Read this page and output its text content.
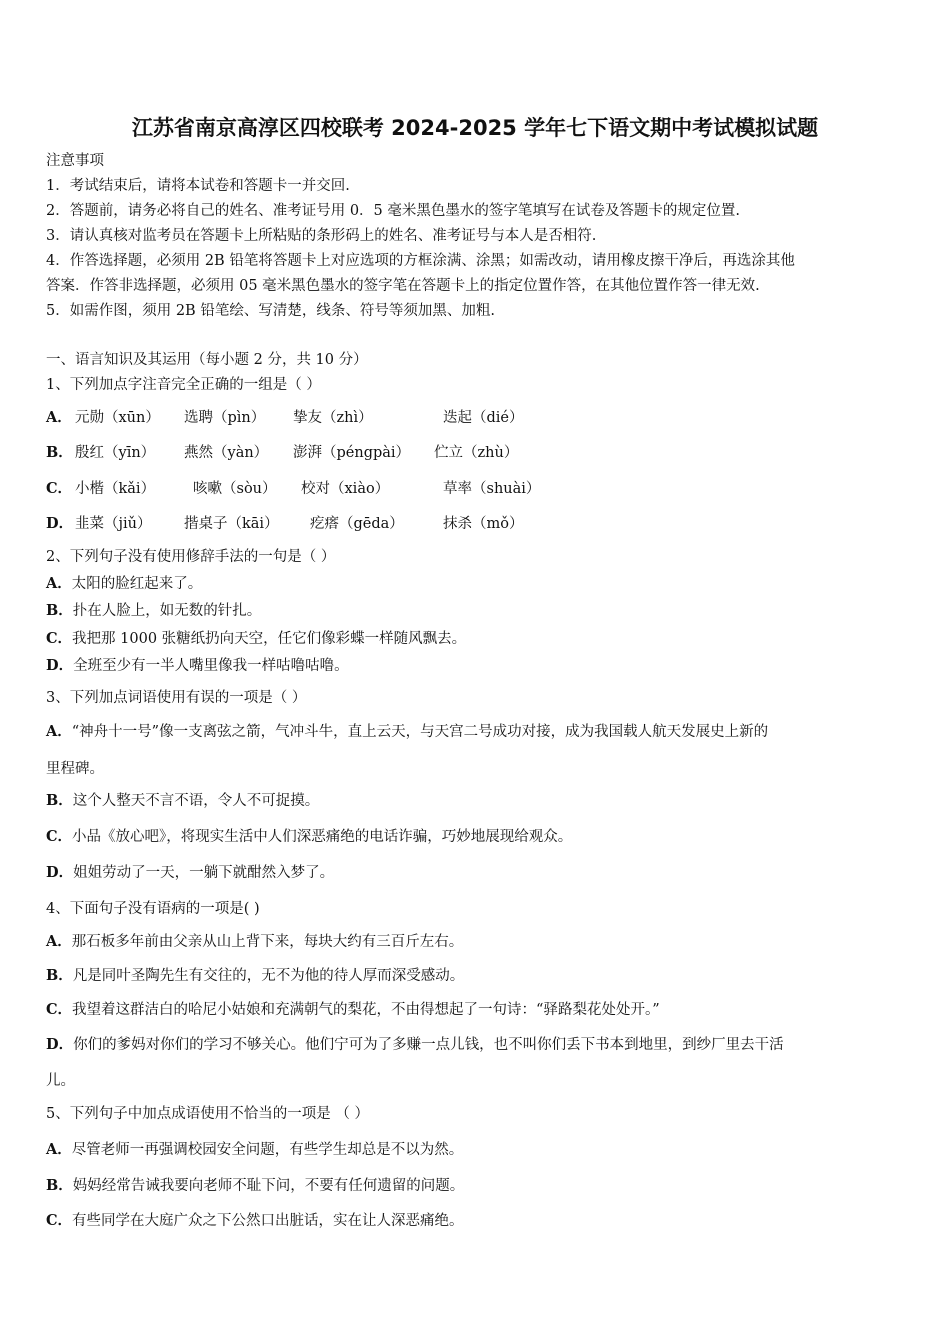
江苏省南京高淳区四校联考 2024-2025 学年七下语文期中考试模拟试题
注意事项
1．考试结束后，请将本试卷和答题卡一并交回.
2．答题前，请务必将自己的姓名、准考证号用 0．5 毫米黑色墨水的签字笔填写在试卷及答题卡的规定位置.
3．请认真核对监考员在答题卡上所粘贴的条形码上的姓名、准考证号与本人是否相符.
4．作答选择题，必须用 2B 铅笔将答题卡上对应选项的方框涂满、涂黑；如需改动，请用橡皮擦干净后，再选涂其他
答案．作答非选择题，必须用 05 毫米黑色墨水的签字笔在答题卡上的指定位置作答，在其他位置作答一律无效.
5．如需作图，须用 2B 铅笔绘、写清楚，线条、符号等须加黑、加粗.
一、语言知识及其运用（每小题 2 分，共 10 分）
1、下列加点字注音完全正确的一组是（ ）
A． 元勋（xūn） 选聘（pìn） 挚友（zhì）	迭起（dié）
B． 殷红（yīn） 燕然（yàn） 澎湃（péngpài） 伫立（zhù）
C． 小楷（kǎi）	咳嗽（sòu） 校对（xiào）	草率（shuài）
D． 韭菜（jiǔ） 揩桌子（kāi） 疙瘩（gēda）	抹杀（mǒ）
2、下列句子没有使用修辞手法的一句是（ ）
A．太阳的脸红起来了。
B．扑在人脸上，如无数的针扎。
C．我把那 1000 张糖纸扔向天空，任它们像彩蝶一样随风飘去。
D．全班至少有一半人嘴里像我一样咕噜咕噜。
3、下列加点词语使用有误的一项是（ ）
A．“神舟十一号”像一支离弦之箭，气冲斗牛，直上云天，与天宫二号成功对接，成为我国载人航天发展史上新的
里程碑。
B．这个人整天不言不语，令人不可捉摸。
C．小品《放心吧》，将现实生活中人们深恶痛绝的电话诈骗，巧妙地展现给观众。
D．姐姐劳动了一天，一躺下就酣然入梦了。
4、下面句子没有语病的一项是( )
A．那石板多年前由父亲从山上背下来，每块大约有三百斤左右。
B．凡是同叶圣陶先生有交往的，无不为他的待人厚而深受感动。
C．我望着这群洁白的哈尼小姑娘和充满朝气的梨花，不由得想起了一句诗：“驿路梨花处处开。”
D．你们的爹妈对你们的学习不够关心。他们宁可为了多赚一点儿钱，也不叫你们丢下书本到地里，到纱厂里去干活
儿。
5、下列句子中加点成语使用不恰当的一项是 （ ）
A．尽管老师一再强调校园安全问题，有些学生却总是不以为然。
B．妈妈经常告诫我要向老师不耻下问，不要有任何遗留的问题。
C．有些同学在大庭广众之下公然口出脏话，实在让人深恶痛绝。
